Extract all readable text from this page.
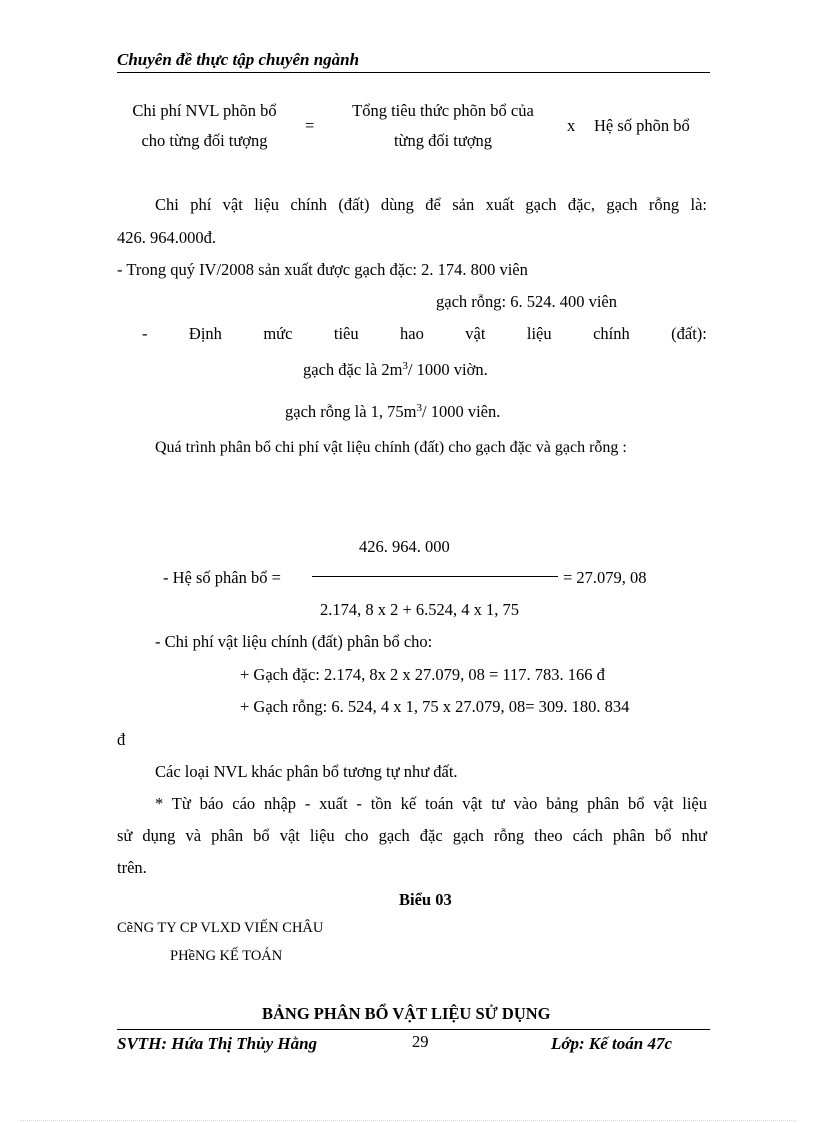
Chuyên đề thực tập chuyên ngành
Chi phí NVL phõn bổ
cho từng đối tượng
=
Tổng tiêu thức phõn bổ của
từng đối tượng
x Hệ số phõn bổ
Chi phí vật liệu chính (đất) dùng để sản xuất gạch đặc, gạch rỗng là:
426. 964.000đ.
- Trong quý IV/2008 sản xuất được gạch đặc: 2. 174. 800 viên
gạch rỗng: 6. 524. 400 viên
-	Định	mức	tiêu	hao	vật	liệu	chính	(đất):
gạch đặc là $2m^3/$ 1000 viờn.
gạch rỗng là 1, $75m^3/$ 1000 viên.
Quá trình phân bổ chi phí vật liệu chính (đất) cho gạch đặc và gạch rỗng :
426. 964. 000
- Hệ số phân bổ =	= 27.079, 08
2.174, 8 x 2 + 6.524, 4 x 1, 75
- Chi phí vật liệu chính (đất) phân bổ cho:
+ Gạch đặc: 2.174, 8x 2 x 27.079, 08 = 117. 783. 166 đ
+ Gạch rỗng: 6. 524, 4 x 1, 75 x 27.079, 08= 309. 180. 834
đ
Các loại NVL khác phân bổ tương tự như đất.
* Từ báo cáo nhập - xuất - tồn kế toán vật tư vào bảng phân bổ vật liệu
sử dụng và phân bổ vật liệu cho gạch đặc gạch rỗng theo cách phân bổ như
trên.
Biểu 03
CẽNG TY CP VLXD VIẾN CHÂU
PHềNG KẾ TOÁN
BẢNG PHÂN BỔ VẬT LIỆU SỬ DỤNG
SVTH: Hứa Thị Thủy Hằng	29	Lớp: Kế toán 47c
